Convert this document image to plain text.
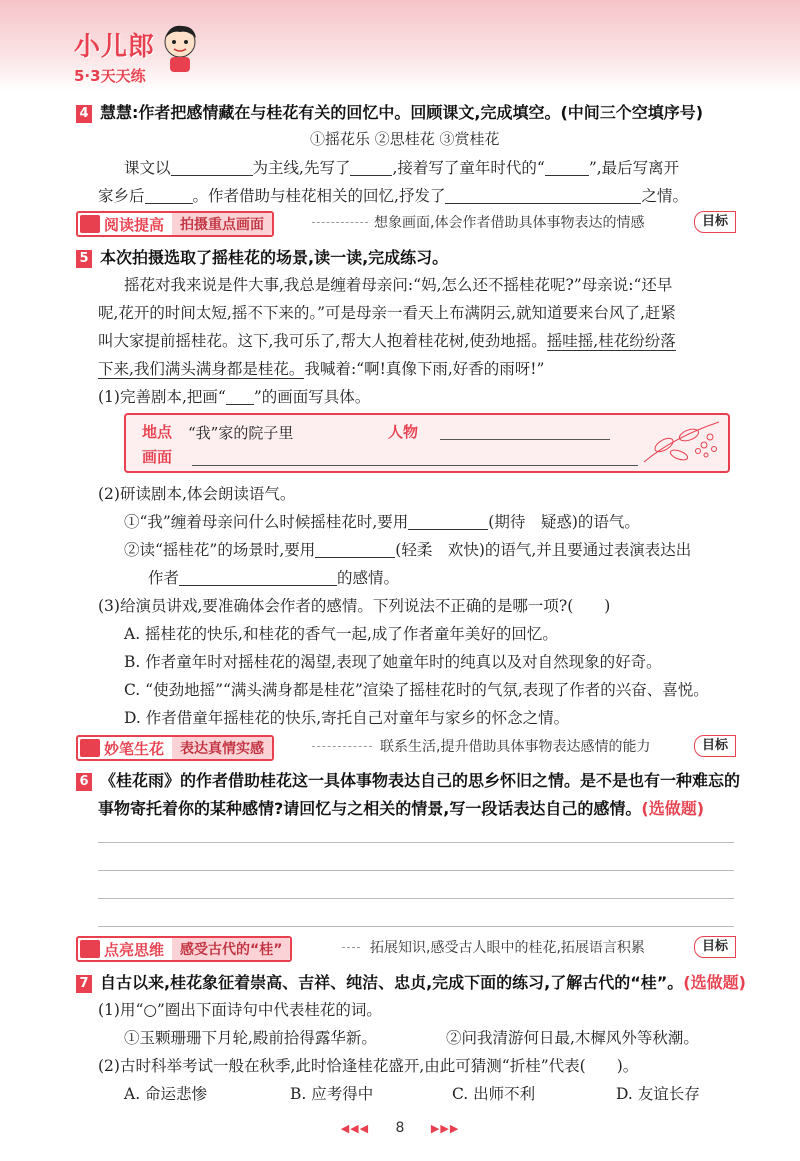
小儿郎
5·3天天练
4 慧慧:作者把感情藏在与桂花有关的回忆中。回顾课文,完成填空。(中间三个空填序号)
①摇花乐 ②思桂花 ③赏桂花
课文以	为主线,先写了	,接着写了童年时代的“	”,最后写离开
家乡后	。作者借助与桂花相关的回忆,抒发了	之情。
阅读提高	拍摄重点画面	想象画面,体会作者借助具体事物表达的情感	目标
5 本次拍摄选取了摇桂花的场景,读一读,完成练习。
摇花对我来说是件大事,我总是缠着母亲问:“妈,怎么还不摇桂花呢?”母亲说:“还早
呢,花开的时间太短,摇不下来的。”可是母亲一看天上布满阴云,就知道要来台风了,赶紧
叫大家提前摇桂花。这下,我可乐了,帮大人抱着桂花树,使劲地摇。摇哇摇,桂花纷纷落
下来,我们满头满身都是桂花。我喊着:“啊!真像下雨,好香的雨呀!”
(1)完善剧本,把画“ ”的画面写具体。
地点 “我”家的院子里	人物
画面
(2)研读剧本,体会朗读语气。
①“我”缠着母亲问什么时候摇桂花时,要用	(期待　疑惑)的语气。
②读“摇桂花”的场景时,要用	(轻柔　欢快)的语气,并且要通过表演表达出
作者	的感情。
(3)给演员讲戏,要准确体会作者的感情。下列说法不正确的是哪一项?(　　)
A. 摇桂花的快乐,和桂花的香气一起,成了作者童年美好的回忆。
B. 作者童年时对摇桂花的渴望,表现了她童年时的纯真以及对自然现象的好奇。
C. “使劲地摇”“满头满身都是桂花”渲染了摇桂花时的气氛,表现了作者的兴奋、喜悦。
D. 作者借童年摇桂花的快乐,寄托自己对童年与家乡的怀念之情。
妙笔生花	表达真情实感	联系生活,提升借助具体事物表达感情的能力	目标
6 《桂花雨》的作者借助桂花这一具体事物表达自己的思乡怀旧之情。是不是也有一种难忘的
事物寄托着你的某种感情?请回忆与之相关的情景,写一段话表达自己的感情。(选做题)
点亮思维	感受古代的“桂”	拓展知识,感受古人眼中的桂花,拓展语言积累	目标
7 自古以来,桂花象征着崇高、吉祥、纯洁、忠贞,完成下面的练习,了解古代的“桂”。(选做题)
(1)用“○”圈出下面诗句中代表桂花的词。
①玉颗珊珊下月轮,殿前拾得露华新。	②问我清游何日最,木樨风外等秋潮。
(2)古时科举考试一般在秋季,此时恰逢桂花盛开,由此可猜测“折桂”代表(　　)。
A. 命运悲惨	B. 应考得中	C. 出师不利	D. 友谊长存
◀◀◀ 8 ▶▶▶
